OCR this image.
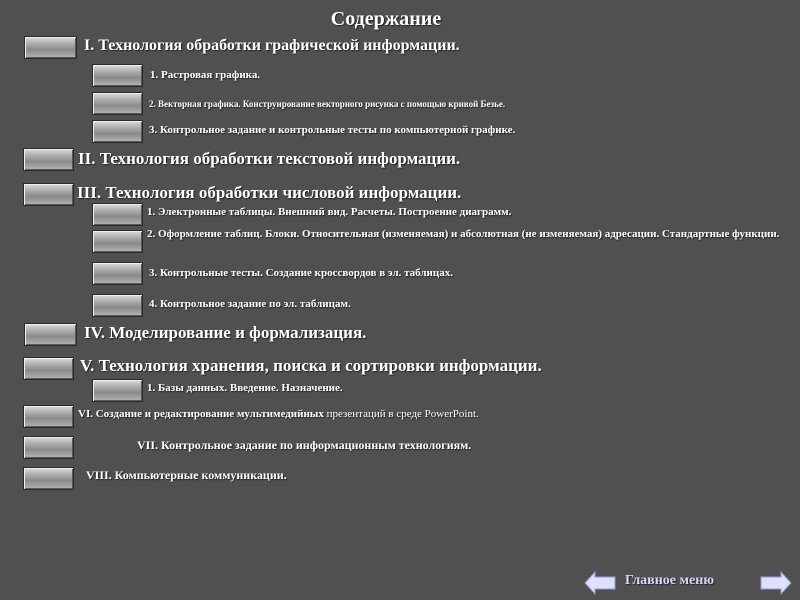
Содержание
I. Технология обработки графической информации.
1. Растровая графика.
2. Векторная графика. Конструирование векторного рисунка с помощью кривой Безье.
3. Контрольное задание и контрольные тесты по компьютерной графике.
II. Технология обработки текстовой информации.
III. Технология обработки числовой информации.
1. Электронные таблицы. Внешний вид. Расчеты. Построение диаграмм.
2. Оформление таблиц. Блоки. Относительная (изменяемая) и абсолютная (не изменяемая) адресации. Стандартные функции.
3. Контрольные тесты. Создание кроссвордов в эл. таблицах.
4. Контрольное задание по эл. таблицам.
IV. Моделирование и формализация.
V. Технология хранения, поиска и сортировки информации.
1. Базы данных. Введение. Назначение.
VI. Создание и редактирование мультимедийных презентаций в среде PowerPoint.
VII. Контрольное задание по информационным технологиям.
VIII. Компьютерные коммуникации.
Главное меню
